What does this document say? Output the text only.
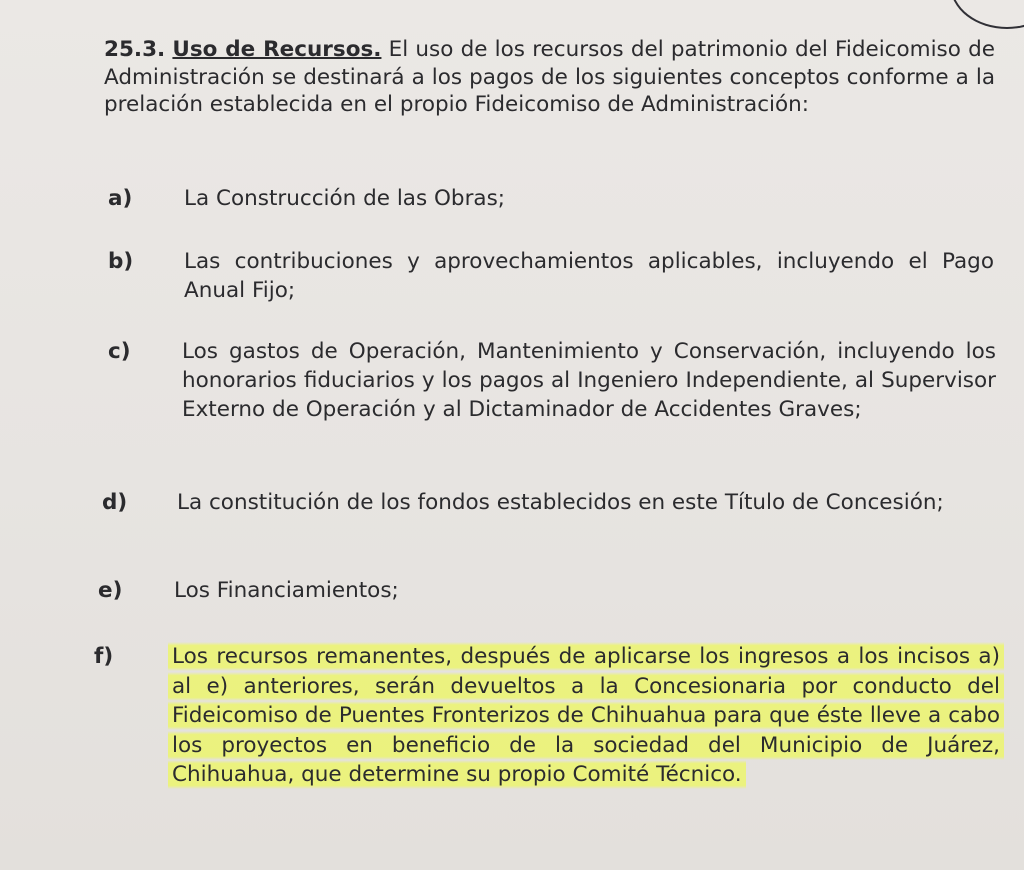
25.3. Uso de Recursos. El uso de los recursos del patrimonio del Fideicomiso de Administración se destinará a los pagos de los siguientes conceptos conforme a la prelación establecida en el propio Fideicomiso de Administración:
a) La Construcción de las Obras;
b) Las contribuciones y aprovechamientos aplicables, incluyendo el Pago Anual Fijo;
c) Los gastos de Operación, Mantenimiento y Conservación, incluyendo los honorarios fiduciarios y los pagos al Ingeniero Independiente, al Supervisor Externo de Operación y al Dictaminador de Accidentes Graves;
d) La constitución de los fondos establecidos en este Título de Concesión;
e) Los Financiamientos;
f)	Los recursos remanentes, después de aplicarse los ingresos a los incisos a) al e) anteriores, serán devueltos a la Concesionaria por conducto del Fideicomiso de Puentes Fronterizos de Chihuahua para que éste lleve a cabo los proyectos en beneficio de la sociedad del Municipio de Juárez, Chihuahua, que determine su propio Comité Técnico.
